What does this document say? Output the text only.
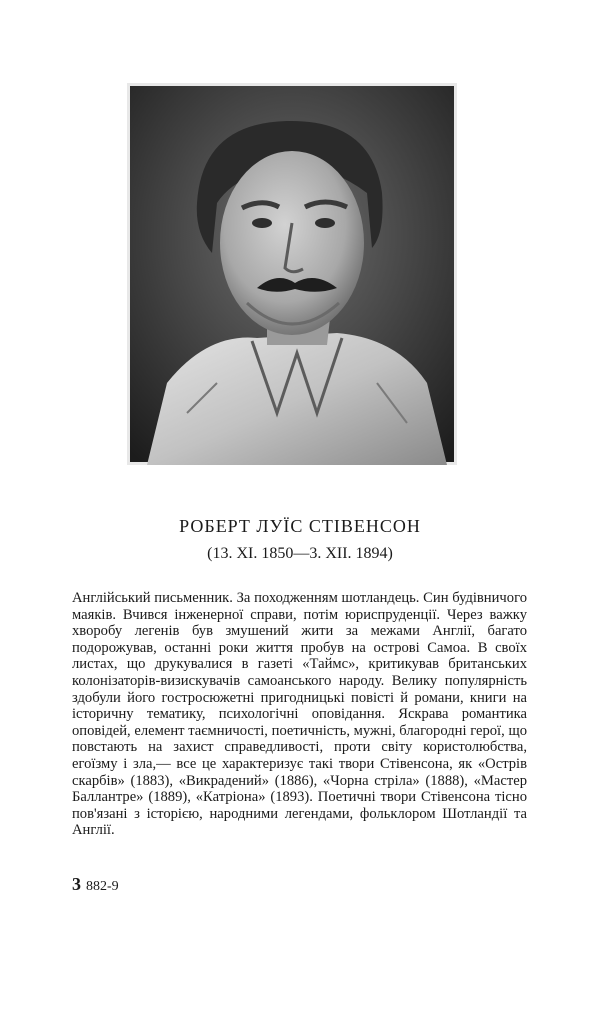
РОБЕРТ ЛУЇС СТІВЕНСОН
(13. XI. 1850—3. XII. 1894)

Англійський письменник. За походженням шотландець. Син будівничого маяків. Вчився інженерної справи, потім юриспруденції. Через важку хворобу легенів був змушений жити за межами Англії, багато подорожував, останні роки життя пробув на острові Самоа. В своїх листах, що друкувалися в газеті «Таймс», критикував британських колонізаторів-визискувачів самоанського народу. Велику популярність здобули його гостросюжетні пригодницькі повісті й романи, книги на історичну тематику, психологічні оповідання. Яскрава романтика оповідей, елемент таємничості, поетичність, мужні, благородні герої, що повстають на захист справедливості, проти світу користолюбства, егоїзму і зла,— все це характеризує такі твори Стівенсона, як «Острів скарбів» (1883), «Викрадений» (1886), «Чорна стріла» (1888), «Мастер Баллантре» (1889), «Катріона» (1893). Поетичні твори Стівенсона тісно пов'язані з історією, народними легендами, фольклором Шотландії та Англії.

3 882-9
